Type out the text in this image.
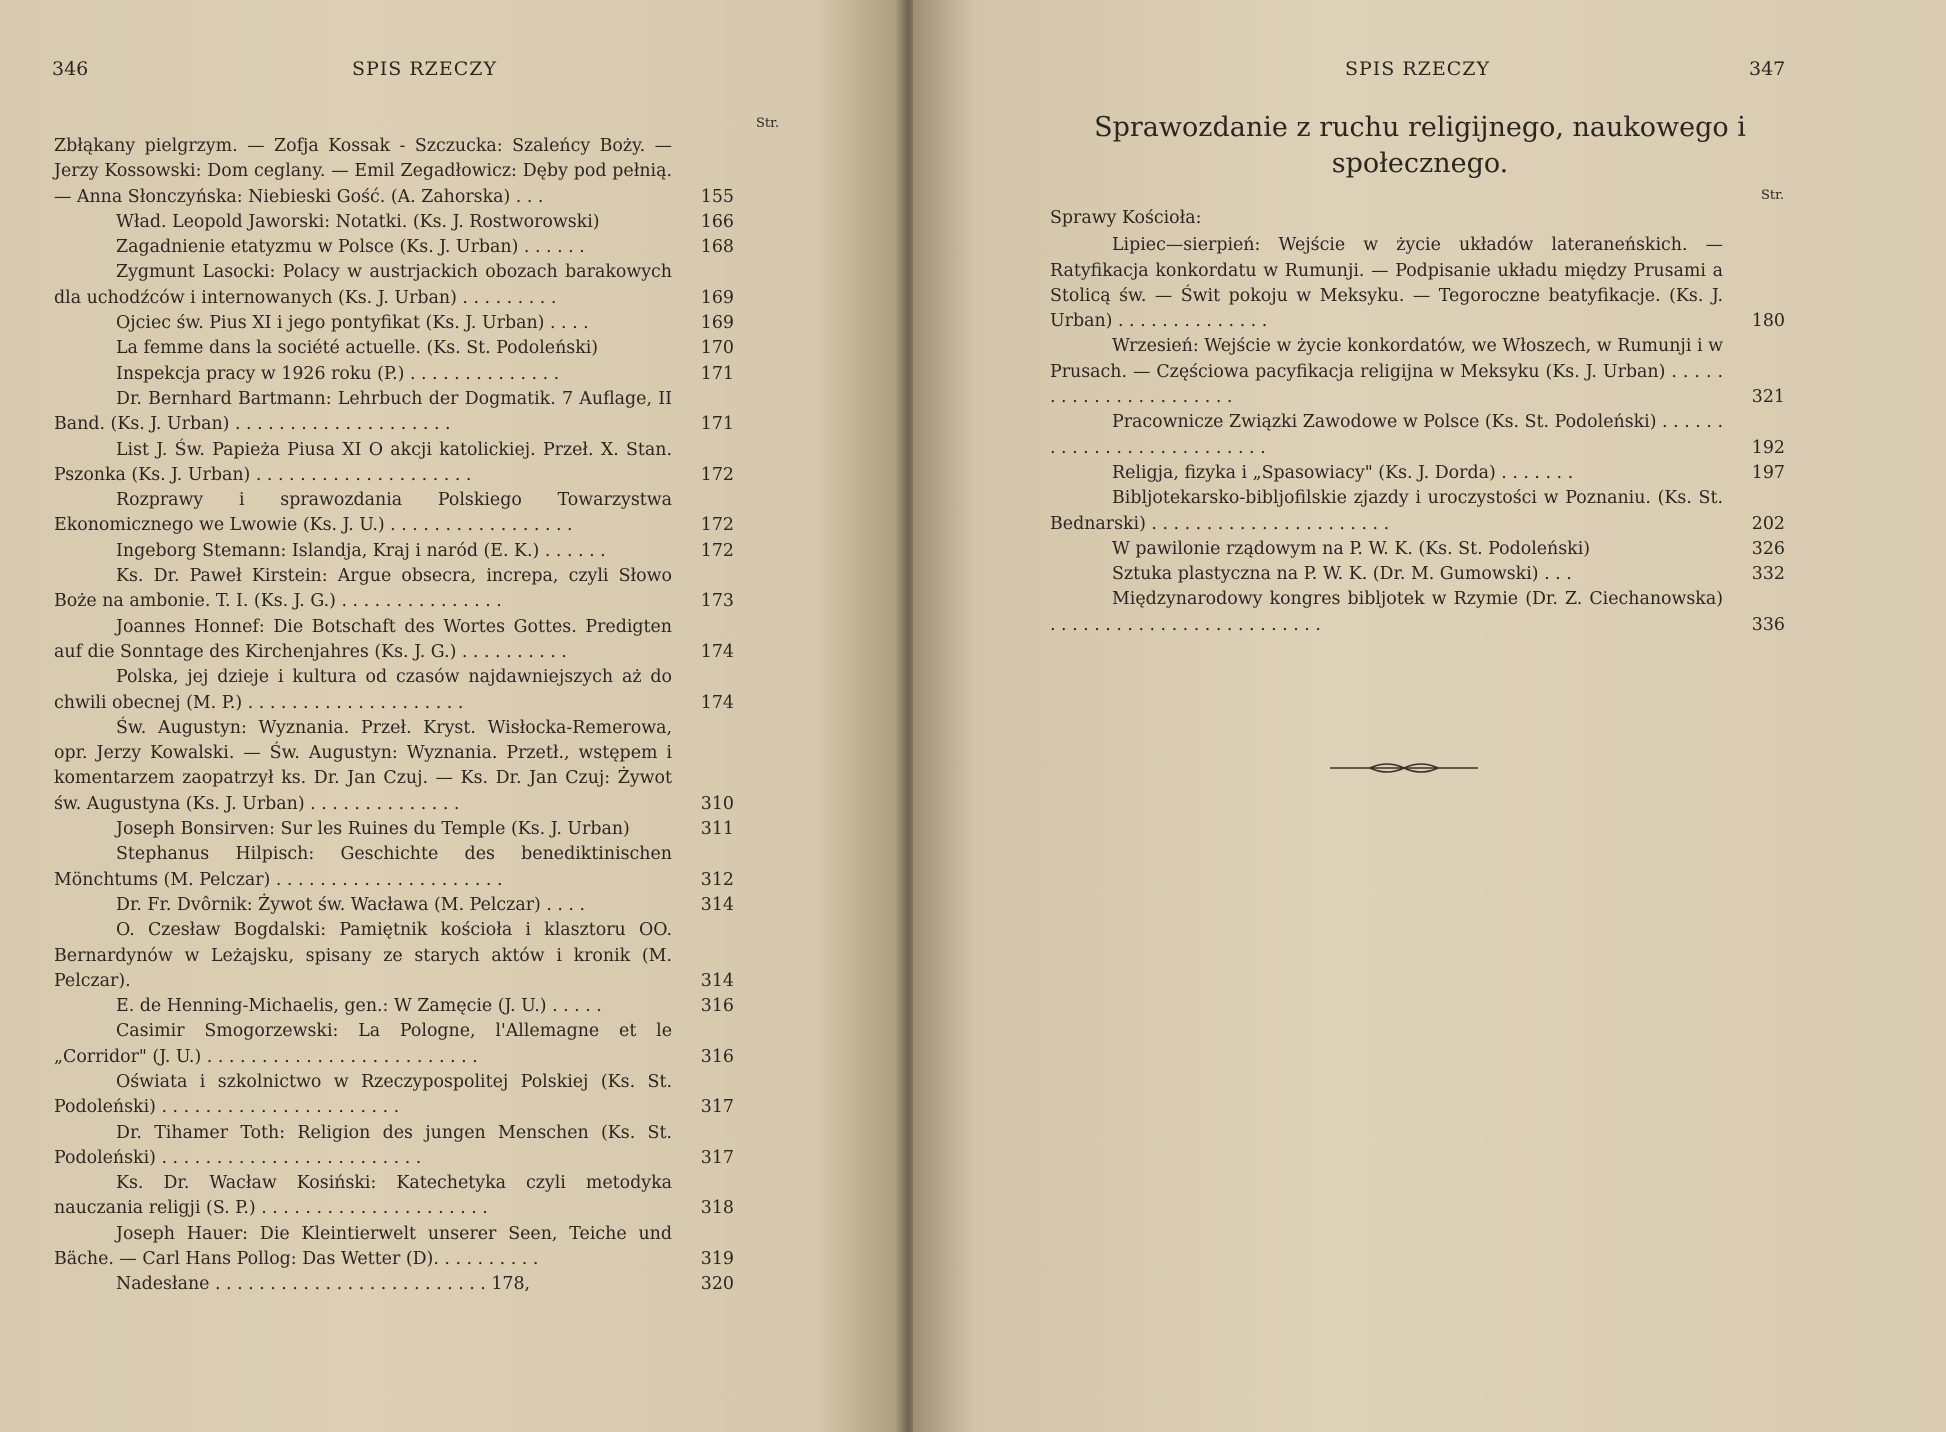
346	SPIS RZECZY
Str.
Zbłąkany pielgrzym. — Zofja Kossak - Szczucka: Szaleńcy Boży. — Jerzy Kossowski: Dom ceglany. — Emil Zegadłowicz: Dęby pod pełnią. — Anna Słonczyńska: Niebieski Gość. (A. Zahorska) . . .	155
Wład. Leopold Jaworski: Notatki. (Ks. J. Rostworowski)	166
Zagadnienie etatyzmu w Polsce (Ks. J. Urban) . . . . . .	168
Zygmunt Lasocki: Polacy w austrjackich obozach barakowych dla uchodźców i internowanych (Ks. J. Urban) . . . . . . . . .	169
Ojciec św. Pius XI i jego pontyfikat (Ks. J. Urban) . . . .	169
La femme dans la société actuelle. (Ks. St. Podoleński)	170
Inspekcja pracy w 1926 roku (P.) . . . . . . . . . . . . . .	171
Dr. Bernhard Bartmann: Lehrbuch der Dogmatik. 7 Auflage, II Band. (Ks. J. Urban) . . . . . . . . . . . . . . . . . . . .	171
List J. Św. Papieża Piusa XI O akcji katolickiej. Przeł. X. Stan. Pszonka (Ks. J. Urban) . . . . . . . . . . . . . . . . . . . .	172
Rozprawy i sprawozdania Polskiego Towarzystwa Ekonomicznego we Lwowie (Ks. J. U.) . . . . . . . . . . . . . . . . .	172
Ingeborg Stemann: Islandja, Kraj i naród (E. K.) . . . . . .	172
Ks. Dr. Paweł Kirstein: Argue obsecra, increpa, czyli Słowo Boże na ambonie. T. I. (Ks. J. G.) . . . . . . . . . . . . . . .	173
Joannes Honnef: Die Botschaft des Wortes Gottes. Predigten auf die Sonntage des Kirchenjahres (Ks. J. G.) . . . . . . . . . .	174
Polska, jej dzieje i kultura od czasów najdawniejszych aż do chwili obecnej (M. P.) . . . . . . . . . . . . . . . . . . . .	174
Św. Augustyn: Wyznania. Przeł. Kryst. Wisłocka-Remerowa, opr. Jerzy Kowalski. — Św. Augustyn: Wyznania. Przetł., wstępem i komentarzem zaopatrzył ks. Dr. Jan Czuj. — Ks. Dr. Jan Czuj: Żywot św. Augustyna (Ks. J. Urban) . . . . . . . . . . . . . .	310
Joseph Bonsirven: Sur les Ruines du Temple (Ks. J. Urban)	311
Stephanus Hilpisch: Geschichte des benediktinischen Mönchtums (M. Pelczar) . . . . . . . . . . . . . . . . . . . . .	312
Dr. Fr. Dvôrnik: Żywot św. Wacława (M. Pelczar) . . . .	314
O. Czesław Bogdalski: Pamiętnik kościoła i klasztoru OO. Bernardynów w Leżajsku, spisany ze starych aktów i kronik (M. Pelczar).	314
E. de Henning-Michaelis, gen.: W Zamęcie (J. U.) . . . . .	316
Casimir Smogorzewski: La Pologne, l'Allemagne et le „Corridor" (J. U.) . . . . . . . . . . . . . . . . . . . . . . . . .	316
Oświata i szkolnictwo w Rzeczypospolitej Polskiej (Ks. St. Podoleński) . . . . . . . . . . . . . . . . . . . . . .	317
Dr. Tihamer Toth: Religion des jungen Menschen (Ks. St. Podoleński) . . . . . . . . . . . . . . . . . . . . . . . .	317
Ks. Dr. Wacław Kosiński: Katechetyka czyli metodyka nauczania religji (S. P.) . . . . . . . . . . . . . . . . . . . . .	318
Joseph Hauer: Die Kleintierwelt unserer Seen, Teiche und Bäche. — Carl Hans Pollog: Das Wetter (D). . . . . . . . . .	319
Nadesłane . . . . . . . . . . . . . . . . . . . . . . . . . 178,	320
SPIS RZECZY	347
Sprawozdanie z ruchu religijnego, naukowego i społecznego.
Str.
Sprawy Kościoła:
Lipiec—sierpień: Wejście w życie układów lateraneńskich. — Ratyfikacja konkordatu w Rumunji. — Podpisanie układu między Prusami a Stolicą św. — Świt pokoju w Meksyku. — Tegoroczne beatyfikacje. (Ks. J. Urban) . . . . . . . . . . . . . .	180
Wrzesień: Wejście w życie konkordatów, we Włoszech, w Rumunji i w Prusach. — Częściowa pacyfikacja religijna w Meksyku (Ks. J. Urban) . . . . . . . . . . . . . . . . . . . . . .	321
Pracownicze Związki Zawodowe w Polsce (Ks. St. Podoleński) . . . . . . . . . . . . . . . . . . . . . . . . . .	192
Religja, fizyka i „Spasowiacy" (Ks. J. Dorda) . . . . . . .	197
Bibljotekarsko-bibljofilskie zjazdy i uroczystości w Poznaniu. (Ks. St. Bednarski) . . . . . . . . . . . . . . . . . . . . . .	202
W pawilonie rządowym na P. W. K. (Ks. St. Podoleński)	326
Sztuka plastyczna na P. W. K. (Dr. M. Gumowski) . . .	332
Międzynarodowy kongres bibljotek w Rzymie (Dr. Z. Ciechanowska) . . . . . . . . . . . . . . . . . . . . . . . . .	336
